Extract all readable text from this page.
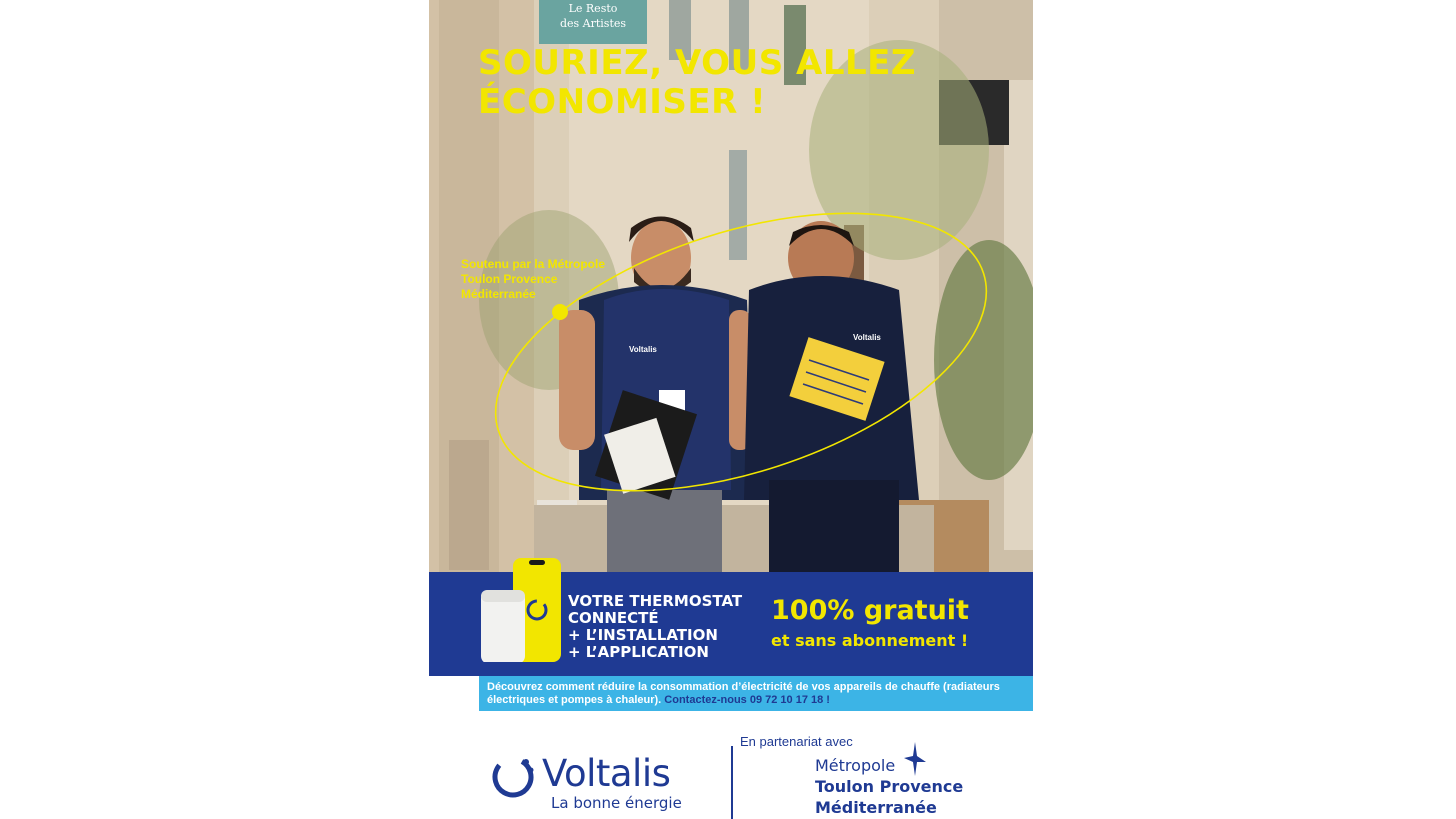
Le Resto
des Artistes
Voltalis
Voltalis
SOURIEZ, VOUS ALLEZ
ÉCONOMISER !
Soutenu par la Métropole
Toulon Provence
Méditerranée
VOTRE THERMOSTAT
CONNECTÉ
+ L’INSTALLATION
+ L’APPLICATION
100% gratuit
et sans abonnement !
Découvrez comment réduire la consommation d’électricité de vos appareils de chauffe (radiateurs électriques et pompes à chaleur). Contactez-nous 09 72 10 17 18 !
Voltalis
La bonne énergie
En partenariat avec
Métropole
Toulon Provence
Méditerranée
